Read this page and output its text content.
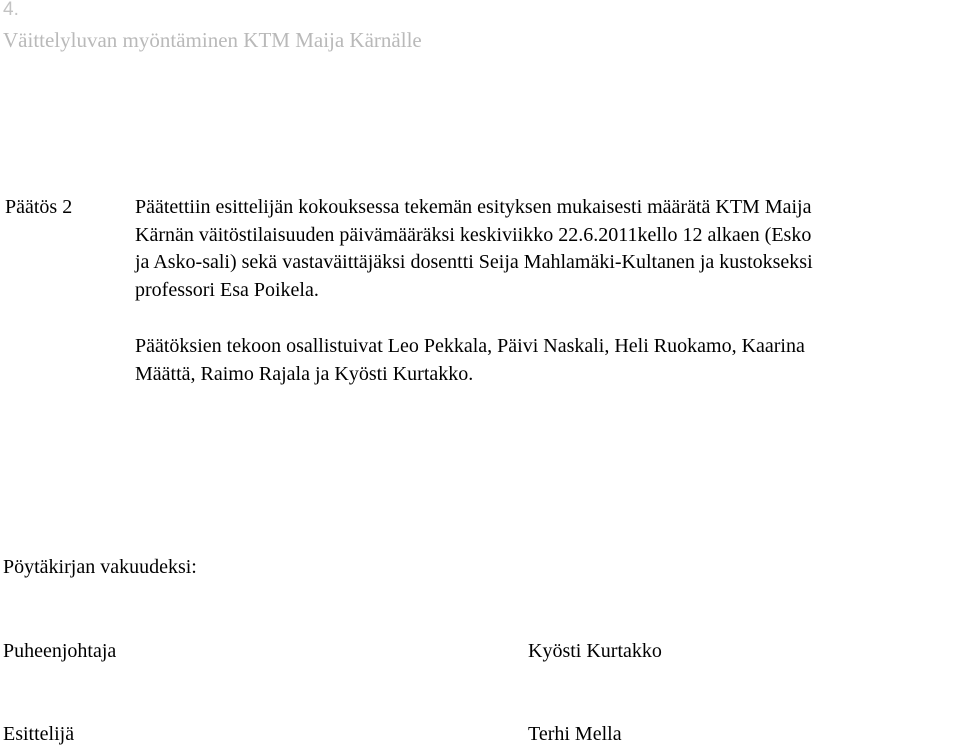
4.
Väittelyluvan myöntäminen KTM Maija Kärnälle
Päätös 2	Päätettiin esittelijän kokouksessa tekemän esityksen mukaisesti määrätä KTM Maija
Kärnän väitöstilaisuuden päivämääräksi keskiviikko 22.6.2011kello 12 alkaen (Esko
ja Asko-sali) sekä vastaväittäjäksi dosentti Seija Mahlamäki-Kultanen ja kustokseksi
professori Esa Poikela.

Päätöksien tekoon osallistuivat Leo Pekkala, Päivi Naskali, Heli Ruokamo, Kaarina
Määttä, Raimo Rajala ja Kyösti Kurtakko.

Pöytäkirjan vakuudeksi:
Puheenjohtaja	Kyösti Kurtakko
Esittelijä	Terhi Mella
